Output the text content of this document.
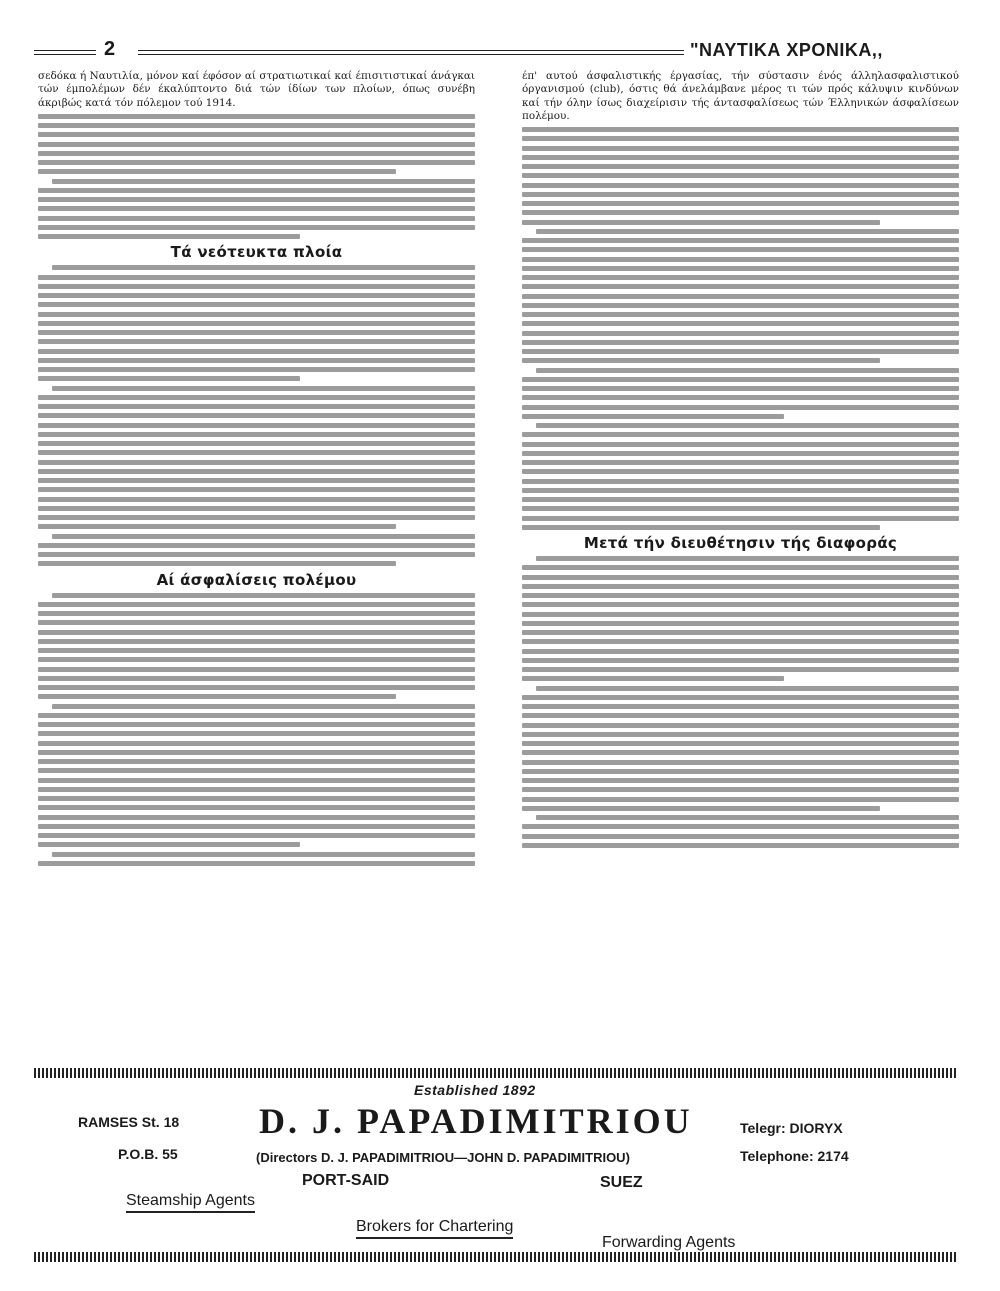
2	"ΝΑΥΤΙΚΑ ΧΡΟΝΙΚΑ,,
σεδόκα ή Ναυτιλία, μόνον καί έφόσον αί στρατιωτικαί καί έπισιτιστικαί άνάγκαι τών έμπολέμων δέν έκαλύπτοντο διά τών ίδίων των πλοίων, όπως συνέβη άκριβώς κατά τόν πόλεμον τού 1914.
Τά νεότευκτα πλοία
Αί άσφαλίσεις πολέμου
έπ' αυτού άσφαλιστικής έργασίας, τήν σύστασιν ένός άλληλασφαλιστικού όργανισμού (club), όστις θά άνελάμβανε μέρος τι τών πρός κάλυψιν κινδύνων καί τήν όλην ίσως διαχείρισιν τής άντασφαλίσεως τών Έλληνικών άσφαλίσεων πολέμου.
Μετά τήν διευθέτησιν τής διαφοράς
Established 1892
D. J. PAPADIMITRIOU
(Directors D. J. PAPADIMITRIOU—JOHN D. PAPADIMITRIOU)
RAMSES St. 18
P.O.B. 55
Telegr: DIORYX
Telephone: 2174
PORT-SAID	SUEZ
Steamship Agents
Brokers for Chartering
Forwarding Agents
